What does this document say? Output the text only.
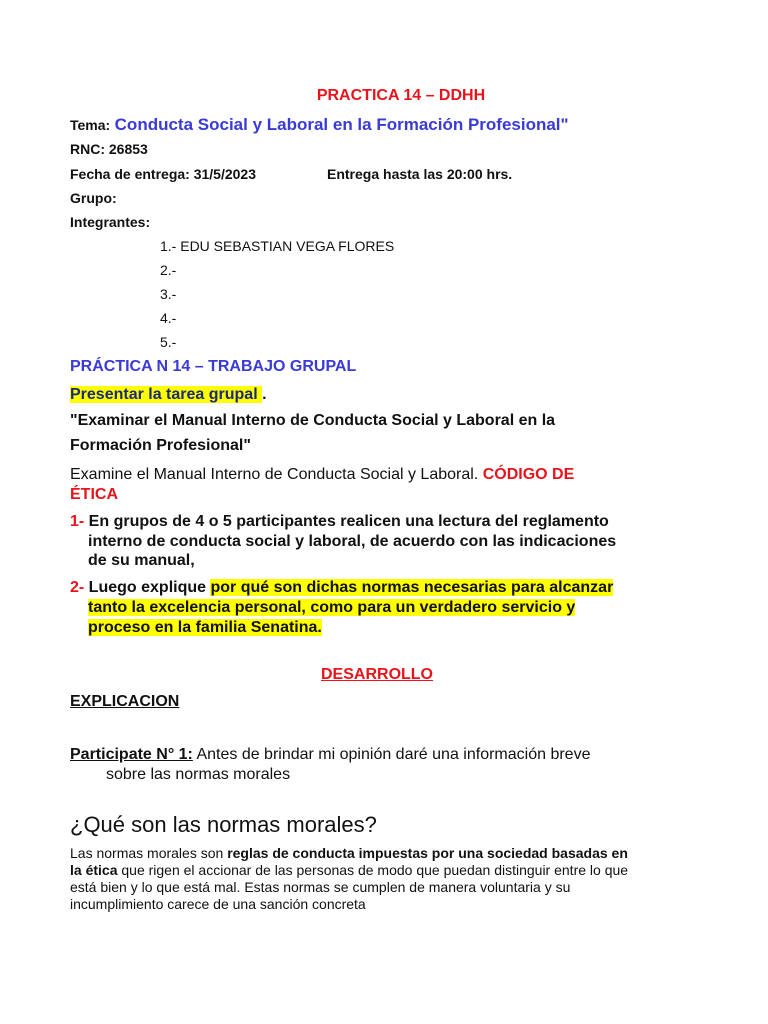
PRACTICA 14 – DDHH
Tema: Conducta Social y Laboral en la Formación Profesional"
RNC: 26853
Fecha de entrega: 31/5/2023	Entrega hasta las 20:00 hrs.
Grupo:
Integrantes:
1.- EDU SEBASTIAN VEGA FLORES
2.-
3.-
4.-
5.-
PRÁCTICA N 14 – TRABAJO GRUPAL
Presentar la tarea grupal .
"Examinar el Manual Interno de Conducta Social y Laboral en la
Formación Profesional"
Examine el Manual Interno de Conducta Social y Laboral. CÓDIGO DE
ÉTICA
1- En grupos de 4 o 5 participantes realicen una lectura del reglamento
interno de conducta social y laboral, de acuerdo con las indicaciones
de su manual,
2- Luego explique por qué son dichas normas necesarias para alcanzar
tanto la excelencia personal, como para un verdadero servicio y
proceso en la familia Senatina.
DESARROLLO
EXPLICACION
Participate N° 1: Antes de brindar mi opinión daré una información breve
sobre las normas morales
¿Qué son las normas morales?
Las normas morales son reglas de conducta impuestas por una sociedad basadas en
la ética que rigen el accionar de las personas de modo que puedan distinguir entre lo que
está bien y lo que está mal. Estas normas se cumplen de manera voluntaria y su
incumplimiento carece de una sanción concreta
